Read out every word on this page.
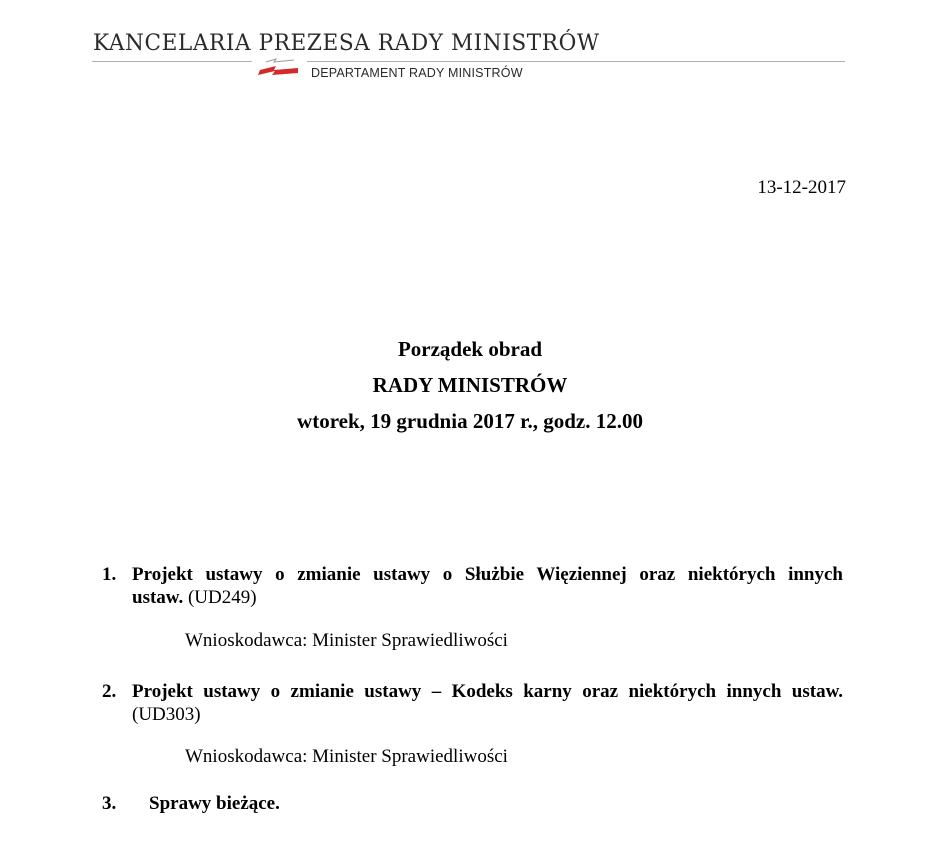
KANCELARIA PREZESA RADY MINISTRÓW
DEPARTAMENT RADY MINISTRÓW
13-12-2017
Porządek obrad
RADY MINISTRÓW
wtorek, 19 grudnia 2017 r., godz. 12.00
1. Projekt ustawy o zmianie ustawy o Służbie Więziennej oraz niektórych innych
ustaw. (UD249)
Wnioskodawca: Minister Sprawiedliwości
2. Projekt ustawy o zmianie ustawy – Kodeks karny oraz niektórych innych ustaw.
(UD303)
Wnioskodawca: Minister Sprawiedliwości
3. Sprawy bieżące.
